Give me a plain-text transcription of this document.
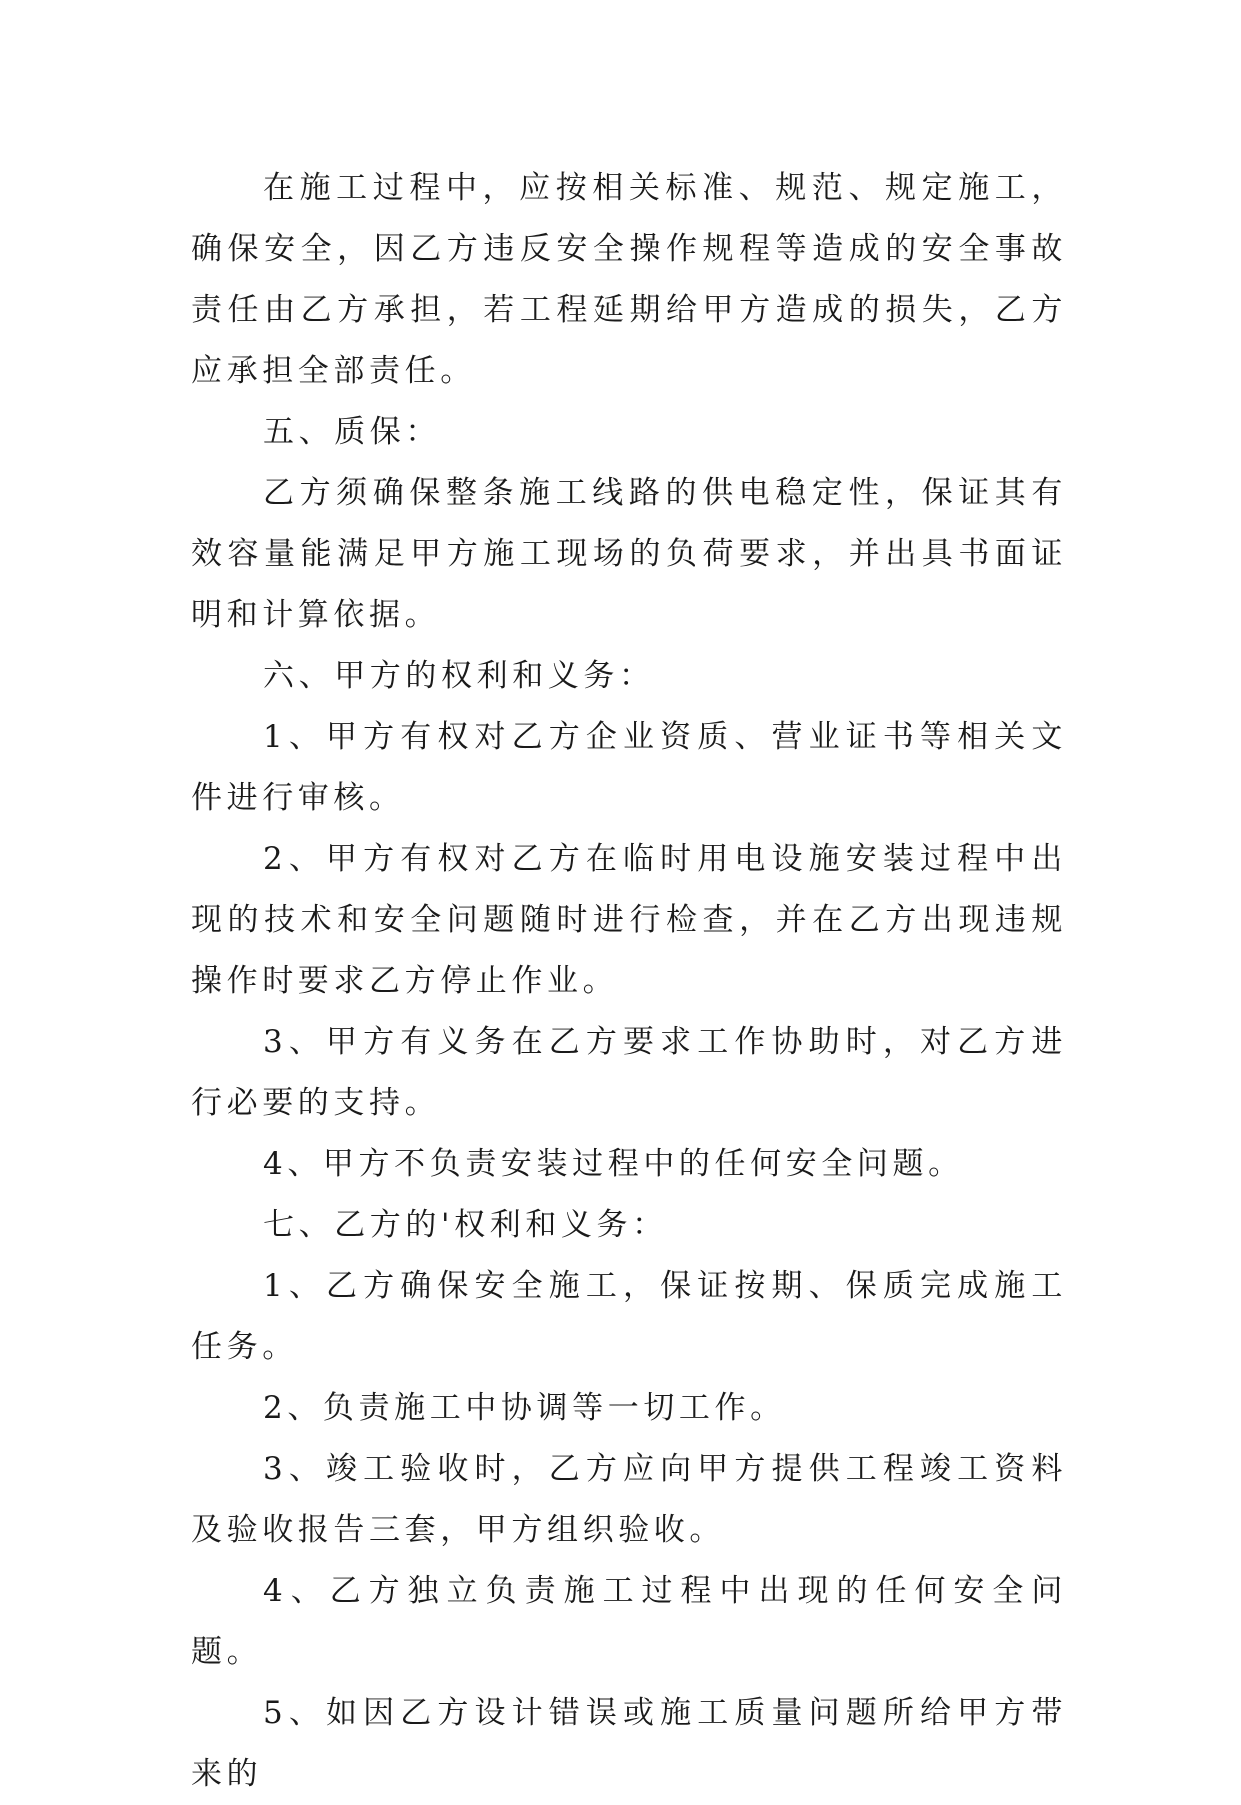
在施工过程中，应按相关标准、规范、规定施工，确保安全，因乙方违反安全操作规程等造成的安全事故责任由乙方承担，若工程延期给甲方造成的损失，乙方应承担全部责任。

五、质保：

乙方须确保整条施工线路的供电稳定性，保证其有效容量能满足甲方施工现场的负荷要求，并出具书面证明和计算依据。

六、甲方的权利和义务：

1、甲方有权对乙方企业资质、营业证书等相关文件进行审核。

2、甲方有权对乙方在临时用电设施安装过程中出现的技术和安全问题随时进行检查，并在乙方出现违规操作时要求乙方停止作业。

3、甲方有义务在乙方要求工作协助时，对乙方进行必要的支持。

4、甲方不负责安装过程中的任何安全问题。

七、乙方的'权利和义务：

1、乙方确保安全施工，保证按期、保质完成施工任务。

2、负责施工中协调等一切工作。

3、竣工验收时，乙方应向甲方提供工程竣工资料及验收报告三套，甲方组织验收。

4、乙方独立负责施工过程中出现的任何安全问题。

5、如因乙方设计错误或施工质量问题所给甲方带来的
